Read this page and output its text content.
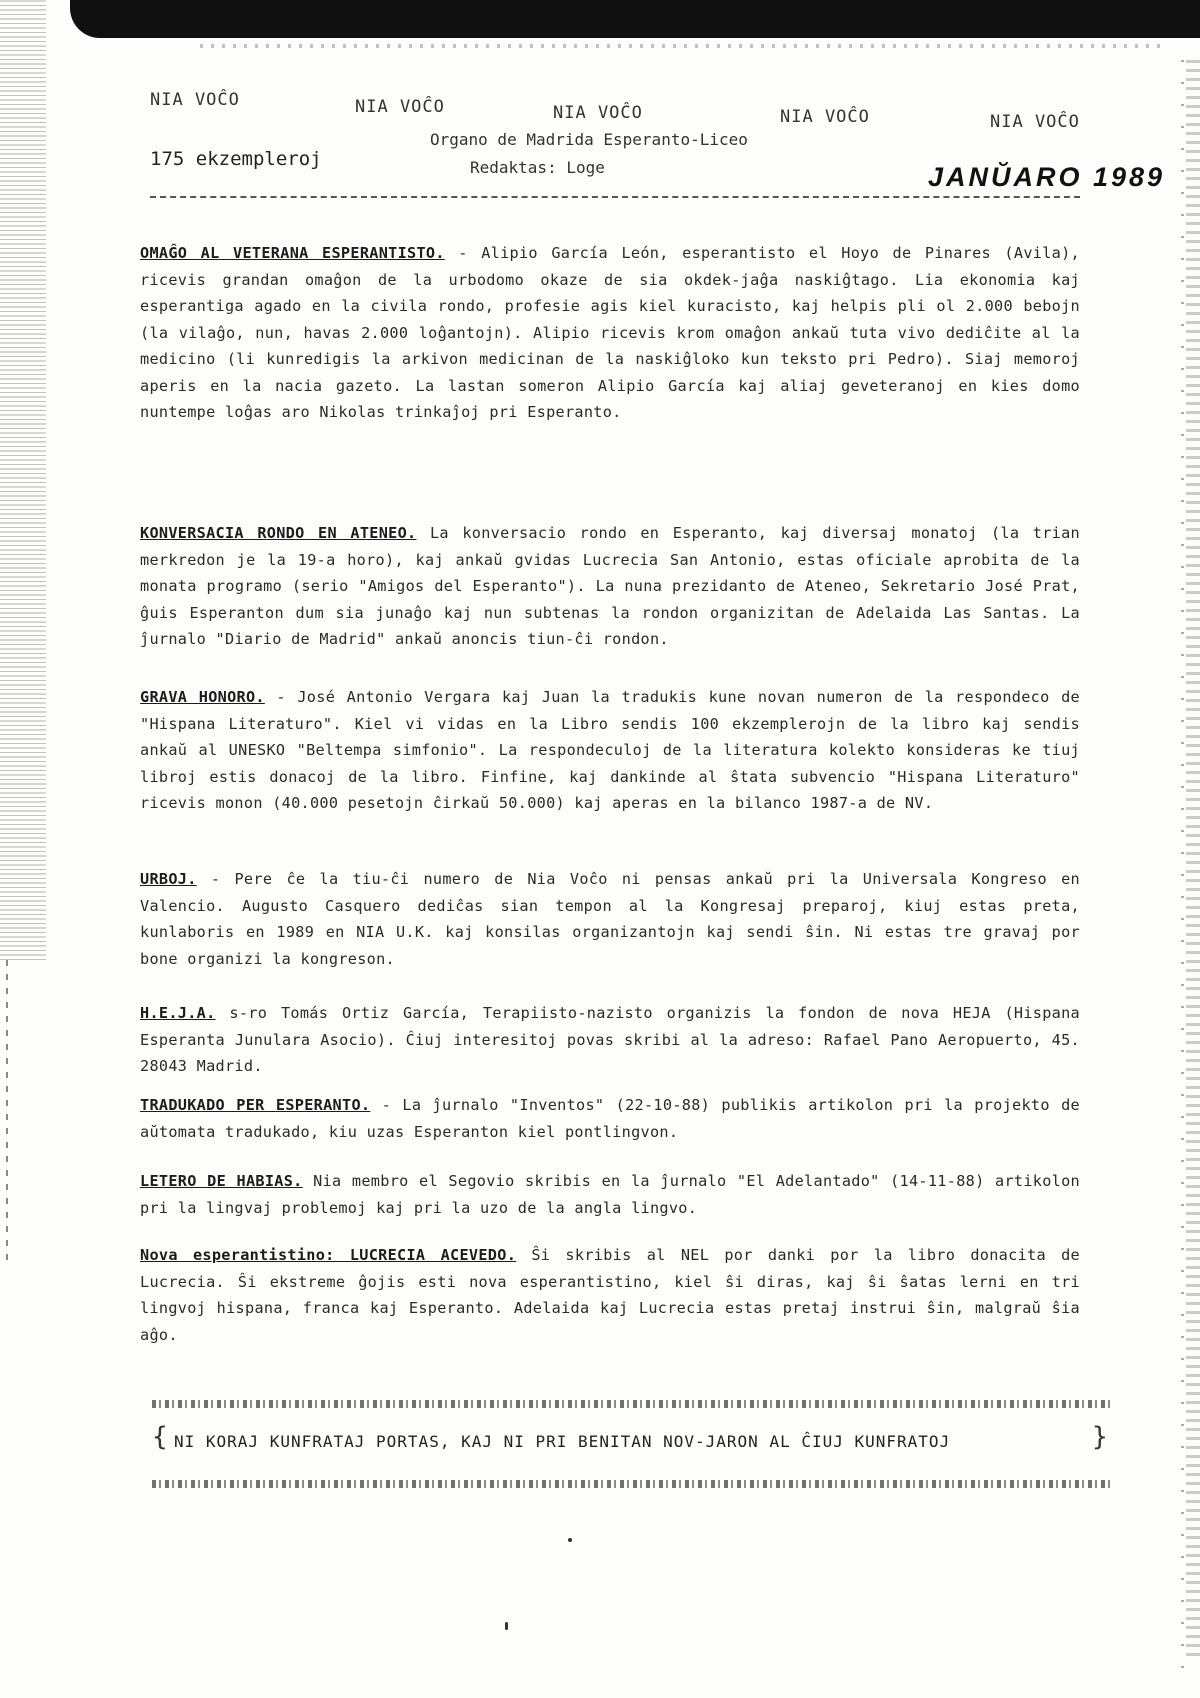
NIA VOĈO	NIA VOĈO	NIA VOĈO	NIA VOĈO	NIA VOĈO
175 ekzempleroj
Organo de Madrida Esperanto-Liceo
Redaktas: Loge	JANŬARO 1989
OMAĜO AL VETERANA ESPERANTISTO. - Alipio García León, esperantisto el Hoyo de Pinares (Avila), ricevis grandan omaĝon de la urbodomo okaze de sia okdek-jaĝa naskiĝtago. Lia ekonomia kaj esperantiga agado en la civila rondo, profesie agis kiel kuracisto, kaj helpis pli ol 2.000 bebojn (la vilaĝo, nun, havas 2.000 loĝantojn). Alipio ricevis krom omaĝon ankaŭ tuta vivo dediĉite al la medicino (li kunredigis la arkivon medicinan de la naskiĝloko kun teksto pri Pedro). Siaj memoroj aperis en la nacia gazeto. La lastan someron Alipio García kaj aliaj geveteranoj en kies domo nuntempe loĝas aro Nikolas trinkaĵoj pri Esperanto.
KONVERSACIA RONDO EN ATENEO. La konversacio rondo en Esperanto, kaj diversaj monatoj (la trian merkredon je la 19-a horo), kaj ankaŭ gvidas Lucrecia San Antonio, estas oficiale aprobita de la monata programo (serio "Amigos del Esperanto"). La nuna prezidanto de Ateneo, Sekretario José Prat, ĝuis Esperanton dum sia junaĝo kaj nun subtenas la rondon organizitan de Adelaida Las Santas. La ĵurnalo "Diario de Madrid" ankaŭ anoncis tiun-ĉi rondon.
GRAVA HONORO. - José Antonio Vergara kaj Juan la tradukis kune novan numeron de la respondeco de "Hispana Literaturo". Kiel vi vidas en la Libro sendis 100 ekzemplerojn de la libro kaj sendis ankaŭ al UNESKO "Beltempa simfonio". La respondeculoj de la literatura kolekto konsideras ke tiuj libroj estis donacoj de la libro. Finfine, kaj dankinde al ŝtata subvencio "Hispana Literaturo" ricevis monon (40.000 pesetojn ĉirkaŭ 50.000) kaj aperas en la bilanco 1987-a de NV.
URBOJ. - Pere ĉe la tiu-ĉi numero de Nia Voĉo ni pensas ankaŭ pri la Universala Kongreso en Valencio. Augusto Casquero dediĉas sian tempon al la Kongresaj preparoj, kiuj estas preta, kunlaboris en 1989 en NIA U.K. kaj konsilas organizantojn kaj sendi ŝin. Ni estas tre gravaj por bone organizi la kongreson.
H.E.J.A. s-ro Tomás Ortiz García, Terapiisto-nazisto organizis la fondon de nova HEJA (Hispana Esperanta Junulara Asocio). Ĉiuj interesitoj povas skribi al la adreso: Rafael Pano Aeropuerto, 45. 28043 Madrid.
TRADUKADO PER ESPERANTO. - La ĵurnalo "Inventos" (22-10-88) publikis artikolon pri la projekto de aŭtomata tradukado, kiu uzas Esperanton kiel pontlingvon.
LETERO DE HABIAS. Nia membro el Segovio skribis en la ĵurnalo "El Adelantado" (14-11-88) artikolon pri la lingvaj problemoj kaj pri la uzo de la angla lingvo.
Nova esperantistino: LUCRECIA ACEVEDO. Ŝi skribis al NEL por danki por la libro donacita de Lucrecia. Ŝi ekstreme ĝojis esti nova esperantistino, kiel ŝi diras, kaj ŝi ŝatas lerni en tri lingvoj hispana, franca kaj Esperanto. Adelaida kaj Lucrecia estas pretaj instrui ŝin, malgraŭ ŝia aĝo.
{ NI KORAJ KUNFRATAJ PORTAS, KAJ NI PRI BENITAN NOV-JARON AL ĈIUJ KUNFRATOJ	}
